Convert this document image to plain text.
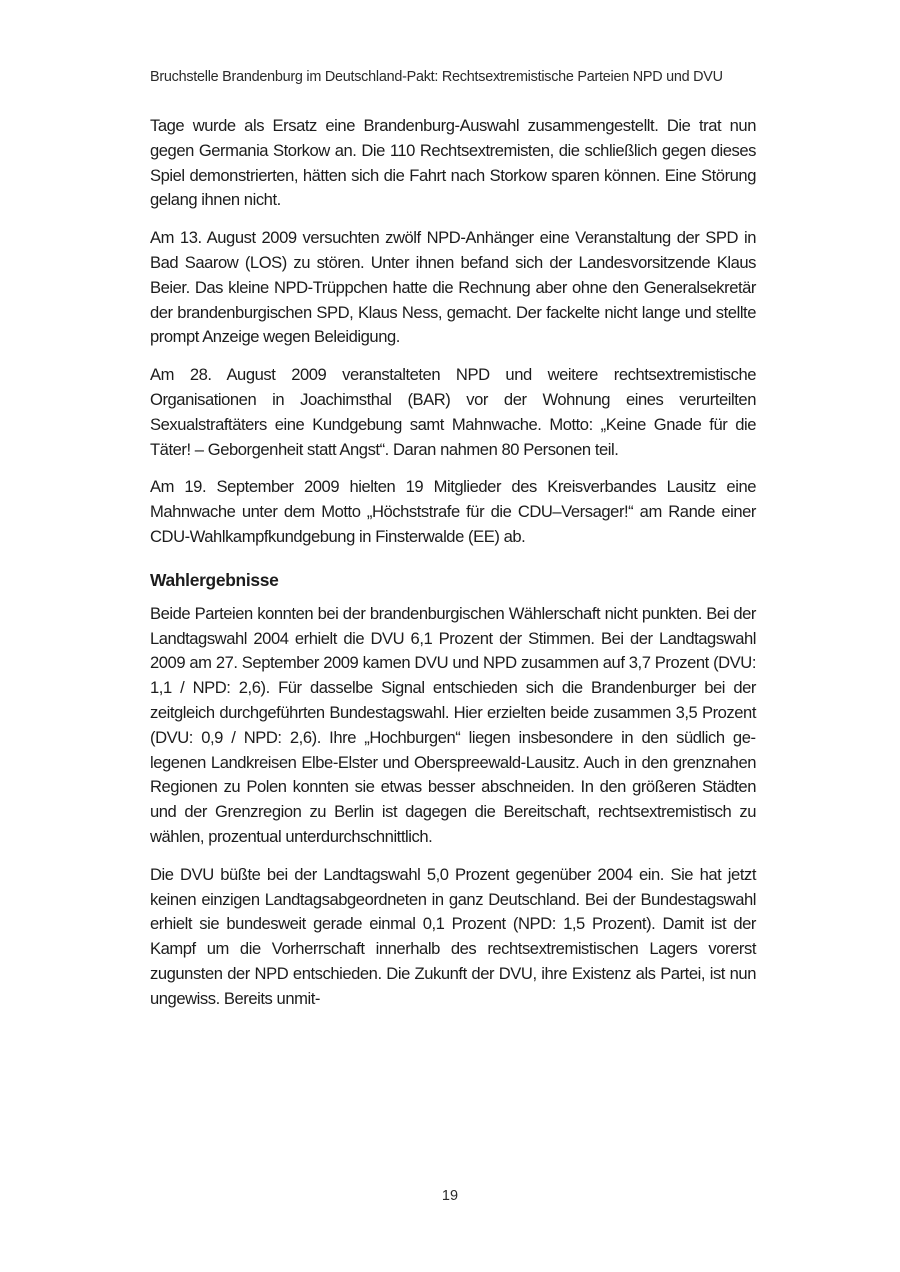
Bruchstelle Brandenburg im Deutschland-Pakt: Rechtsextremistische Parteien NPD und DVU

Tage wurde als Ersatz eine Brandenburg-Auswahl zusammengestellt. Die trat nun gegen Germania Storkow an. Die 110 Rechtsextremisten, die schließlich gegen dieses Spiel demonstrierten, hätten sich die Fahrt nach Storkow sparen können. Eine Störung gelang ihnen nicht.

Am 13. August 2009 versuchten zwölf NPD-Anhänger eine Veranstaltung der SPD in Bad Saarow (LOS) zu stören. Unter ihnen befand sich der Landesvorsitzende Klaus Beier. Das kleine NPD-Trüppchen hatte die Rechnung aber ohne den Generalsekretär der brandenburgischen SPD, Klaus Ness, gemacht. Der fackelte nicht lange und stellte prompt Anzeige wegen Beleidigung.

Am 28. August 2009 veranstalteten NPD und weitere rechtsextremistische Organisationen in Joachimsthal (BAR) vor der Wohnung eines verurteilten Sexualstraftäters eine Kundgebung samt Mahnwache. Motto: „Keine Gnade für die Täter! – Geborgenheit statt Angst“. Daran nahmen 80 Personen teil.

Am 19. September 2009 hielten 19 Mitglieder des Kreisverbandes Lausitz eine Mahnwache unter dem Motto „Höchststrafe für die CDU–Versager!“ am Rande einer CDU-Wahlkampfkundgebung in Finsterwalde (EE) ab.

Wahlergebnisse

Beide Parteien konnten bei der brandenburgischen Wählerschaft nicht punkten. Bei der Landtagswahl 2004 erhielt die DVU 6,1 Prozent der Stimmen. Bei der Landtagswahl 2009 am 27. September 2009 kamen DVU und NPD zusammen auf 3,7 Prozent (DVU: 1,1 / NPD: 2,6). Für dasselbe Signal entschieden sich die Brandenburger bei der zeitgleich durchgeführten Bundestagswahl. Hier erzielten beide zusammen 3,5 Prozent (DVU: 0,9 / NPD: 2,6). Ihre „Hochburgen“ liegen insbesondere in den südlich gelegenen Landkreisen Elbe-Elster und Oberspreewald-Lausitz. Auch in den grenznahen Regionen zu Polen konnten sie etwas besser abschneiden. In den größeren Städten und der Grenzregion zu Berlin ist dagegen die Bereitschaft, rechtsextremistisch zu wählen, prozentual unterdurchschnittlich.

Die DVU büßte bei der Landtagswahl 5,0 Prozent gegenüber 2004 ein. Sie hat jetzt keinen einzigen Landtagsabgeordneten in ganz Deutschland. Bei der Bundestagswahl erhielt sie bundesweit gerade einmal 0,1 Prozent (NPD: 1,5 Prozent). Damit ist der Kampf um die Vorherrschaft innerhalb des rechtsextremistischen Lagers vorerst zugunsten der NPD entschieden. Die Zukunft der DVU, ihre Existenz als Partei, ist nun ungewiss. Bereits unmit-

19
